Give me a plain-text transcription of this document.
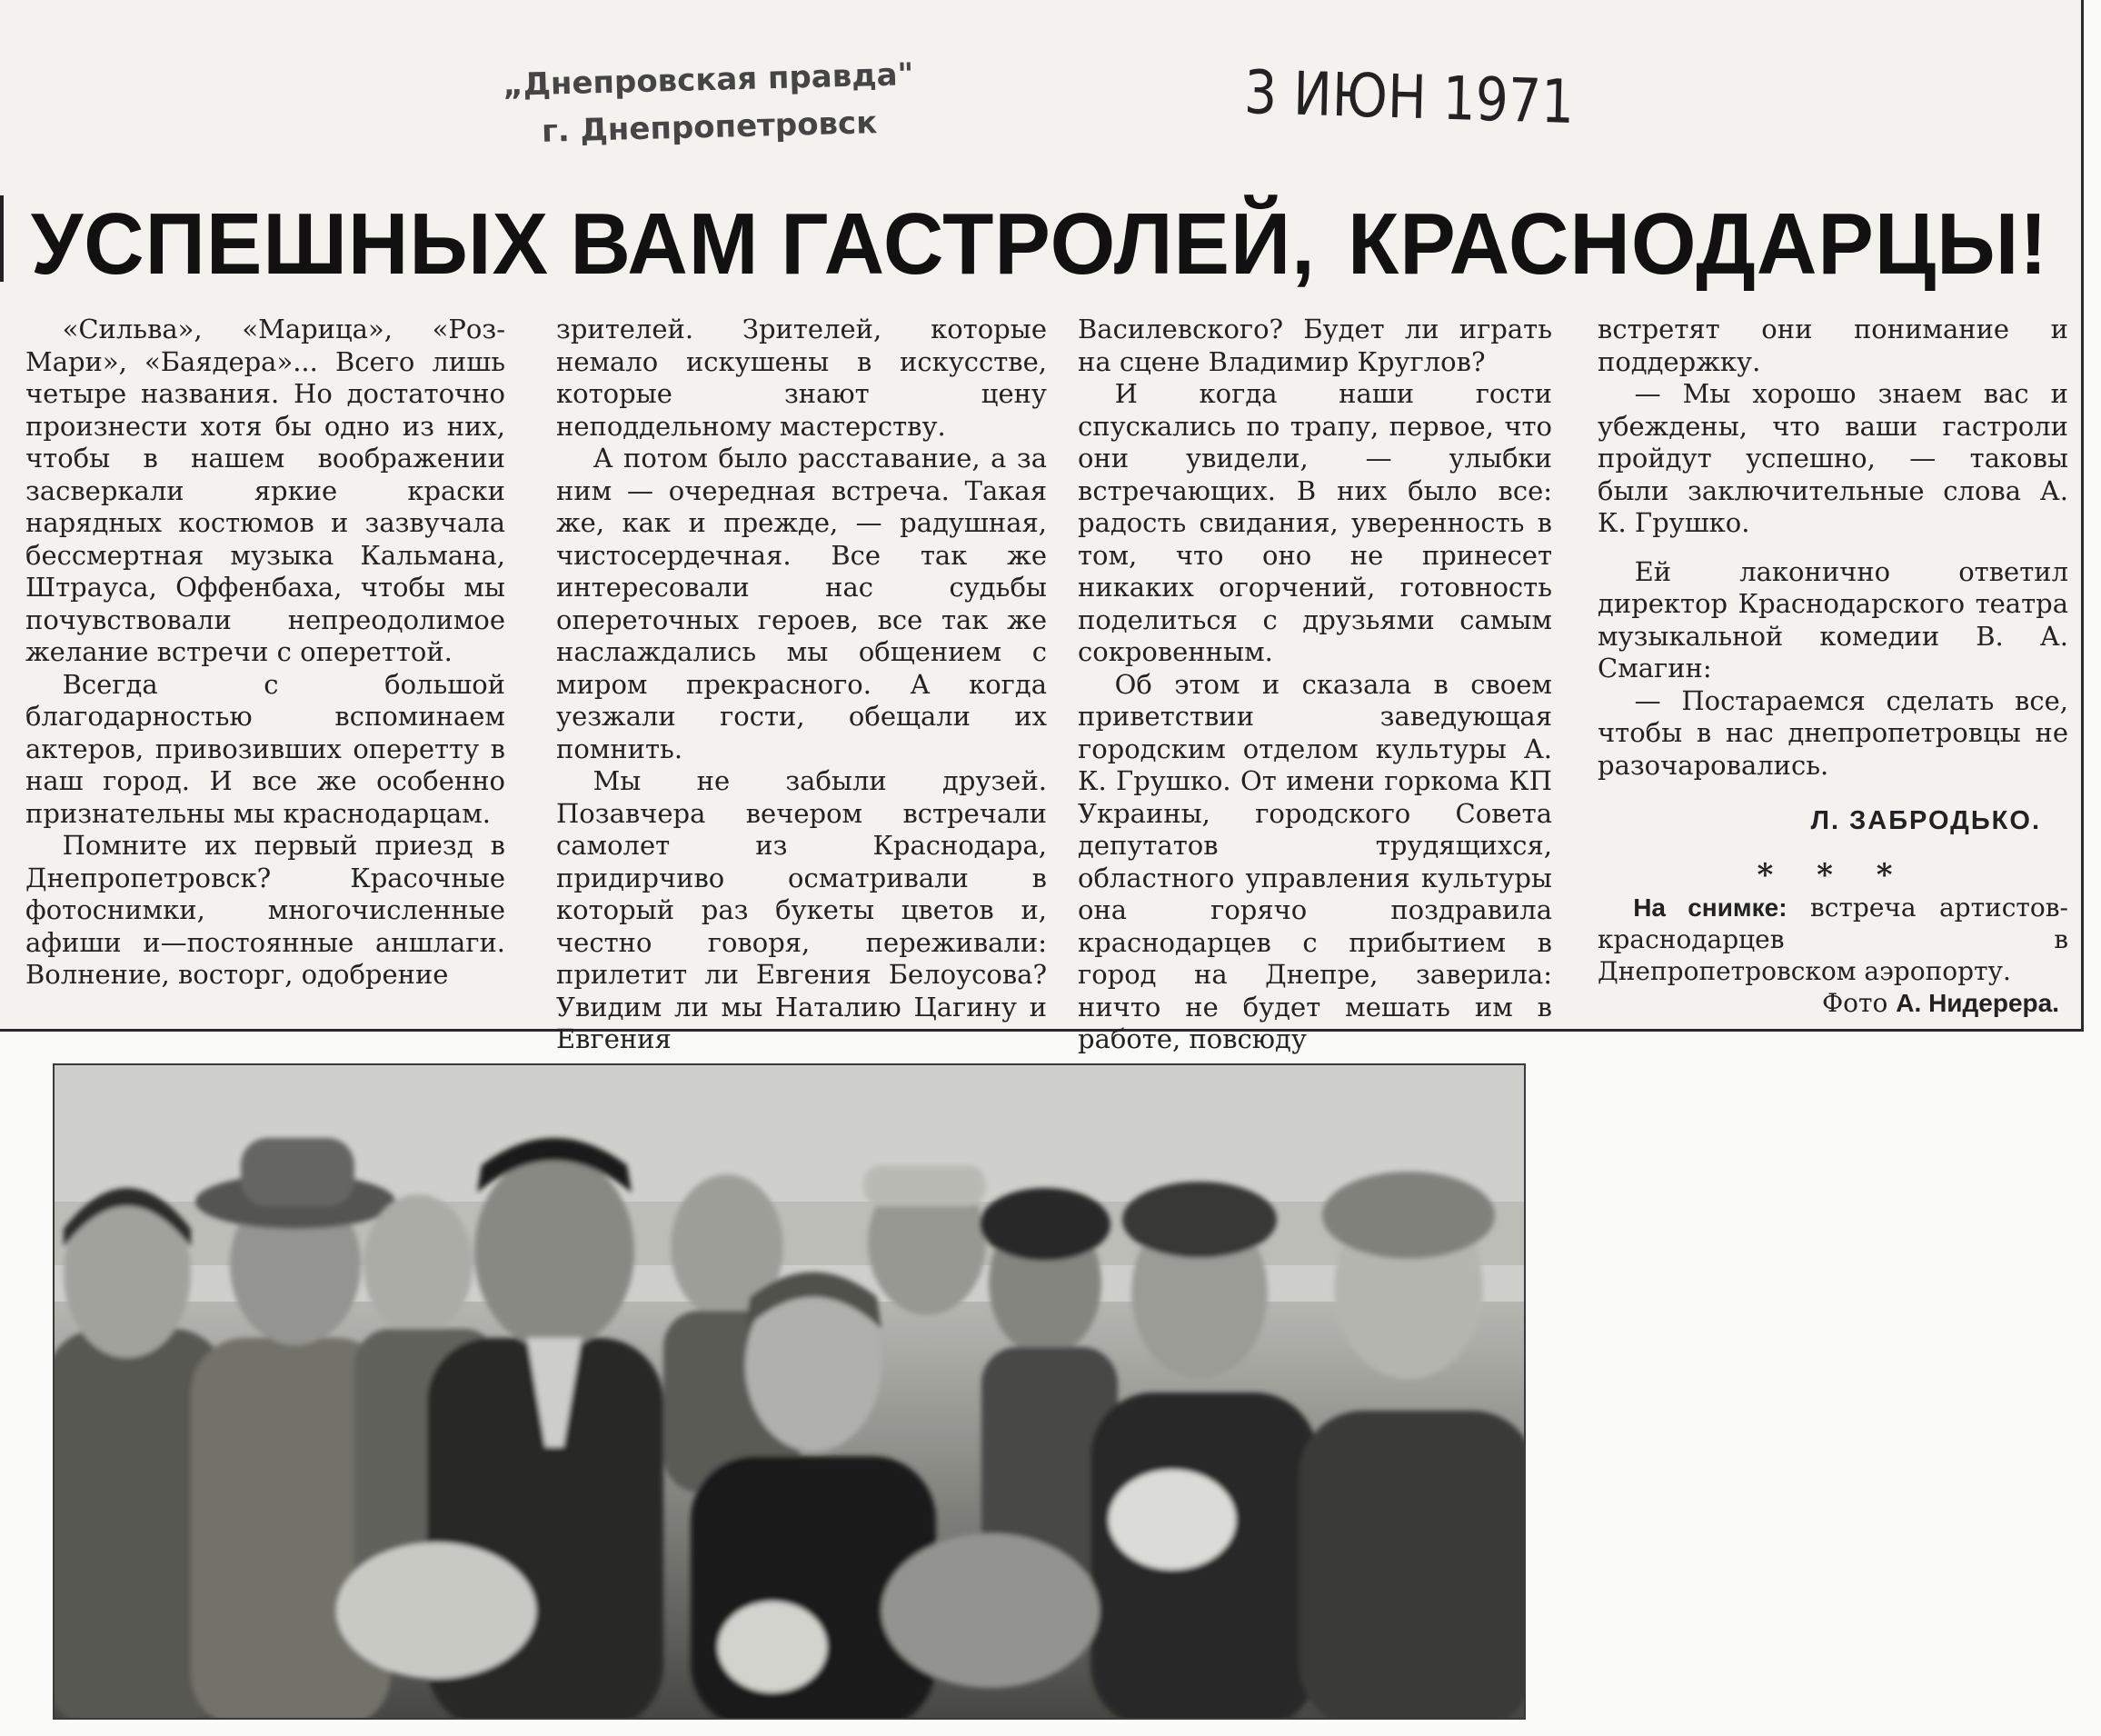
„Днепровская правда"
г. Днепропетровск	3 ИЮН 1971
УСПЕШНЫХ ВАМ ГАСТРОЛЕЙ, КРАСНОДАРЦЫ!

«Сильва», «Марица», «Роз-Мари», «Баядера»... Всего лишь четыре названия. Но достаточно произнести хотя бы одно из них, чтобы в нашем воображении засверкали яркие краски нарядных костюмов и зазвучала бессмертная музыка Кальмана, Штрауса, Оффенбаха, чтобы мы почувствовали непреодолимое желание встречи с опереттой.

Всегда с большой благодарностью вспоминаем актеров, привозивших оперетту в наш город. И все же особенно признательны мы краснодарцам.

Помните их первый приезд в Днепропетровск? Красочные фотоснимки, многочисленные афиши и—постоянные аншлаги. Волнение, восторг, одобрение

зрителей. Зрителей, которые немало искушены в искусстве, которые знают цену неподдельному мастерству.

А потом было расставание, а за ним — очередная встреча. Такая же, как и прежде, — радушная, чистосердечная. Все так же интересовали нас судьбы опереточных героев, все так же наслаждались мы общением с миром прекрасного. А когда уезжали гости, обещали их помнить.

Мы не забыли друзей. Позавчера вечером встречали самолет из Краснодара, придирчиво осматривали в который раз букеты цветов и, честно говоря, переживали: прилетит ли Евгения Белоусова? Увидим ли мы Наталию Цагину и Евгения

Василевского? Будет ли играть на сцене Владимир Круглов?

И когда наши гости спускались по трапу, первое, что они увидели, — улыбки встречающих. В них было все: радость свидания, уверенность в том, что оно не принесет никаких огорчений, готовность поделиться с друзьями самым сокровенным.

Об этом и сказала в своем приветствии заведующая городским отделом культуры А. К. Грушко. От имени горкома КП Украины, городского Совета депутатов трудящихся, областного управления культуры она горячо поздравила краснодарцев с прибытием в город на Днепре, заверила: ничто не будет мешать им в работе, повсюду

встретят они понимание и поддержку.

— Мы хорошо знаем вас и убеждены, что ваши гастроли пройдут успешно, — таковы были заключительные слова А. К. Грушко.

Ей лаконично ответил директор Краснодарского театра музыкальной комедии В. А. Смагин:

— Постараемся сделать все, чтобы в нас днепропетровцы не разочаровались.

Л. ЗАБРОДЬКО.
* * *

На снимке: встреча артистов-краснодарцев в Днепропетровском аэропорту.

Фото А. Нидерера.
